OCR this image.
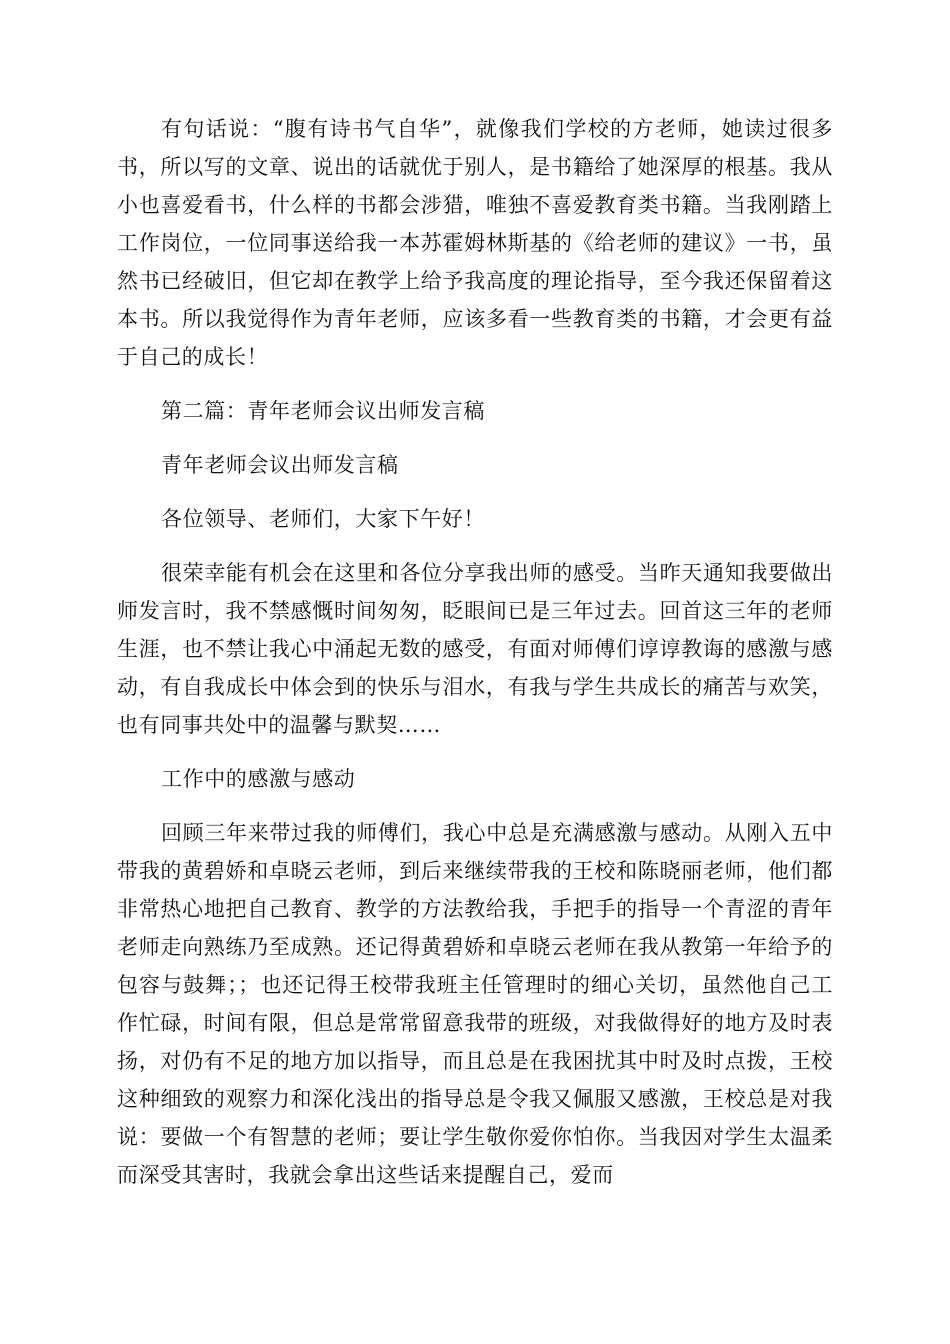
有句话说：“腹有诗书气自华”，就像我们学校的方老师，她读过很多书，所以写的文章、说出的话就优于别人，是书籍给了她深厚的根基。我从小也喜爱看书，什么样的书都会涉猎，唯独不喜爱教育类书籍。当我刚踏上工作岗位，一位同事送给我一本苏霍姆林斯基的《给老师的建议》一书，虽然书已经破旧，但它却在教学上给予我高度的理论指导，至今我还保留着这本书。所以我觉得作为青年老师，应该多看一些教育类的书籍，才会更有益于自己的成长！

第二篇：青年老师会议出师发言稿

青年老师会议出师发言稿

各位领导、老师们，大家下午好！

很荣幸能有机会在这里和各位分享我出师的感受。当昨天通知我要做出师发言时，我不禁感慨时间匆匆，眨眼间已是三年过去。回首这三年的老师生涯，也不禁让我心中涌起无数的感受，有面对师傅们谆谆教诲的感激与感动，有自我成长中体会到的快乐与泪水，有我与学生共成长的痛苦与欢笑，也有同事共处中的温馨与默契……

工作中的感激与感动

回顾三年来带过我的师傅们，我心中总是充满感激与感动。从刚入五中带我的黄碧娇和卓晓云老师，到后来继续带我的王校和陈晓丽老师，他们都非常热心地把自己教育、教学的方法教给我，手把手的指导一个青涩的青年老师走向熟练乃至成熟。还记得黄碧娇和卓晓云老师在我从教第一年给予的包容与鼓舞；；也还记得王校带我班主任管理时的细心关切，虽然他自己工作忙碌，时间有限，但总是常常留意我带的班级，对我做得好的地方及时表扬，对仍有不足的地方加以指导，而且总是在我困扰其中时及时点拨，王校这种细致的观察力和深化浅出的指导总是令我又佩服又感激，王校总是对我说：要做一个有智慧的老师；要让学生敬你爱你怕你。当我因对学生太温柔而深受其害时，我就会拿出这些话来提醒自己，爱而
